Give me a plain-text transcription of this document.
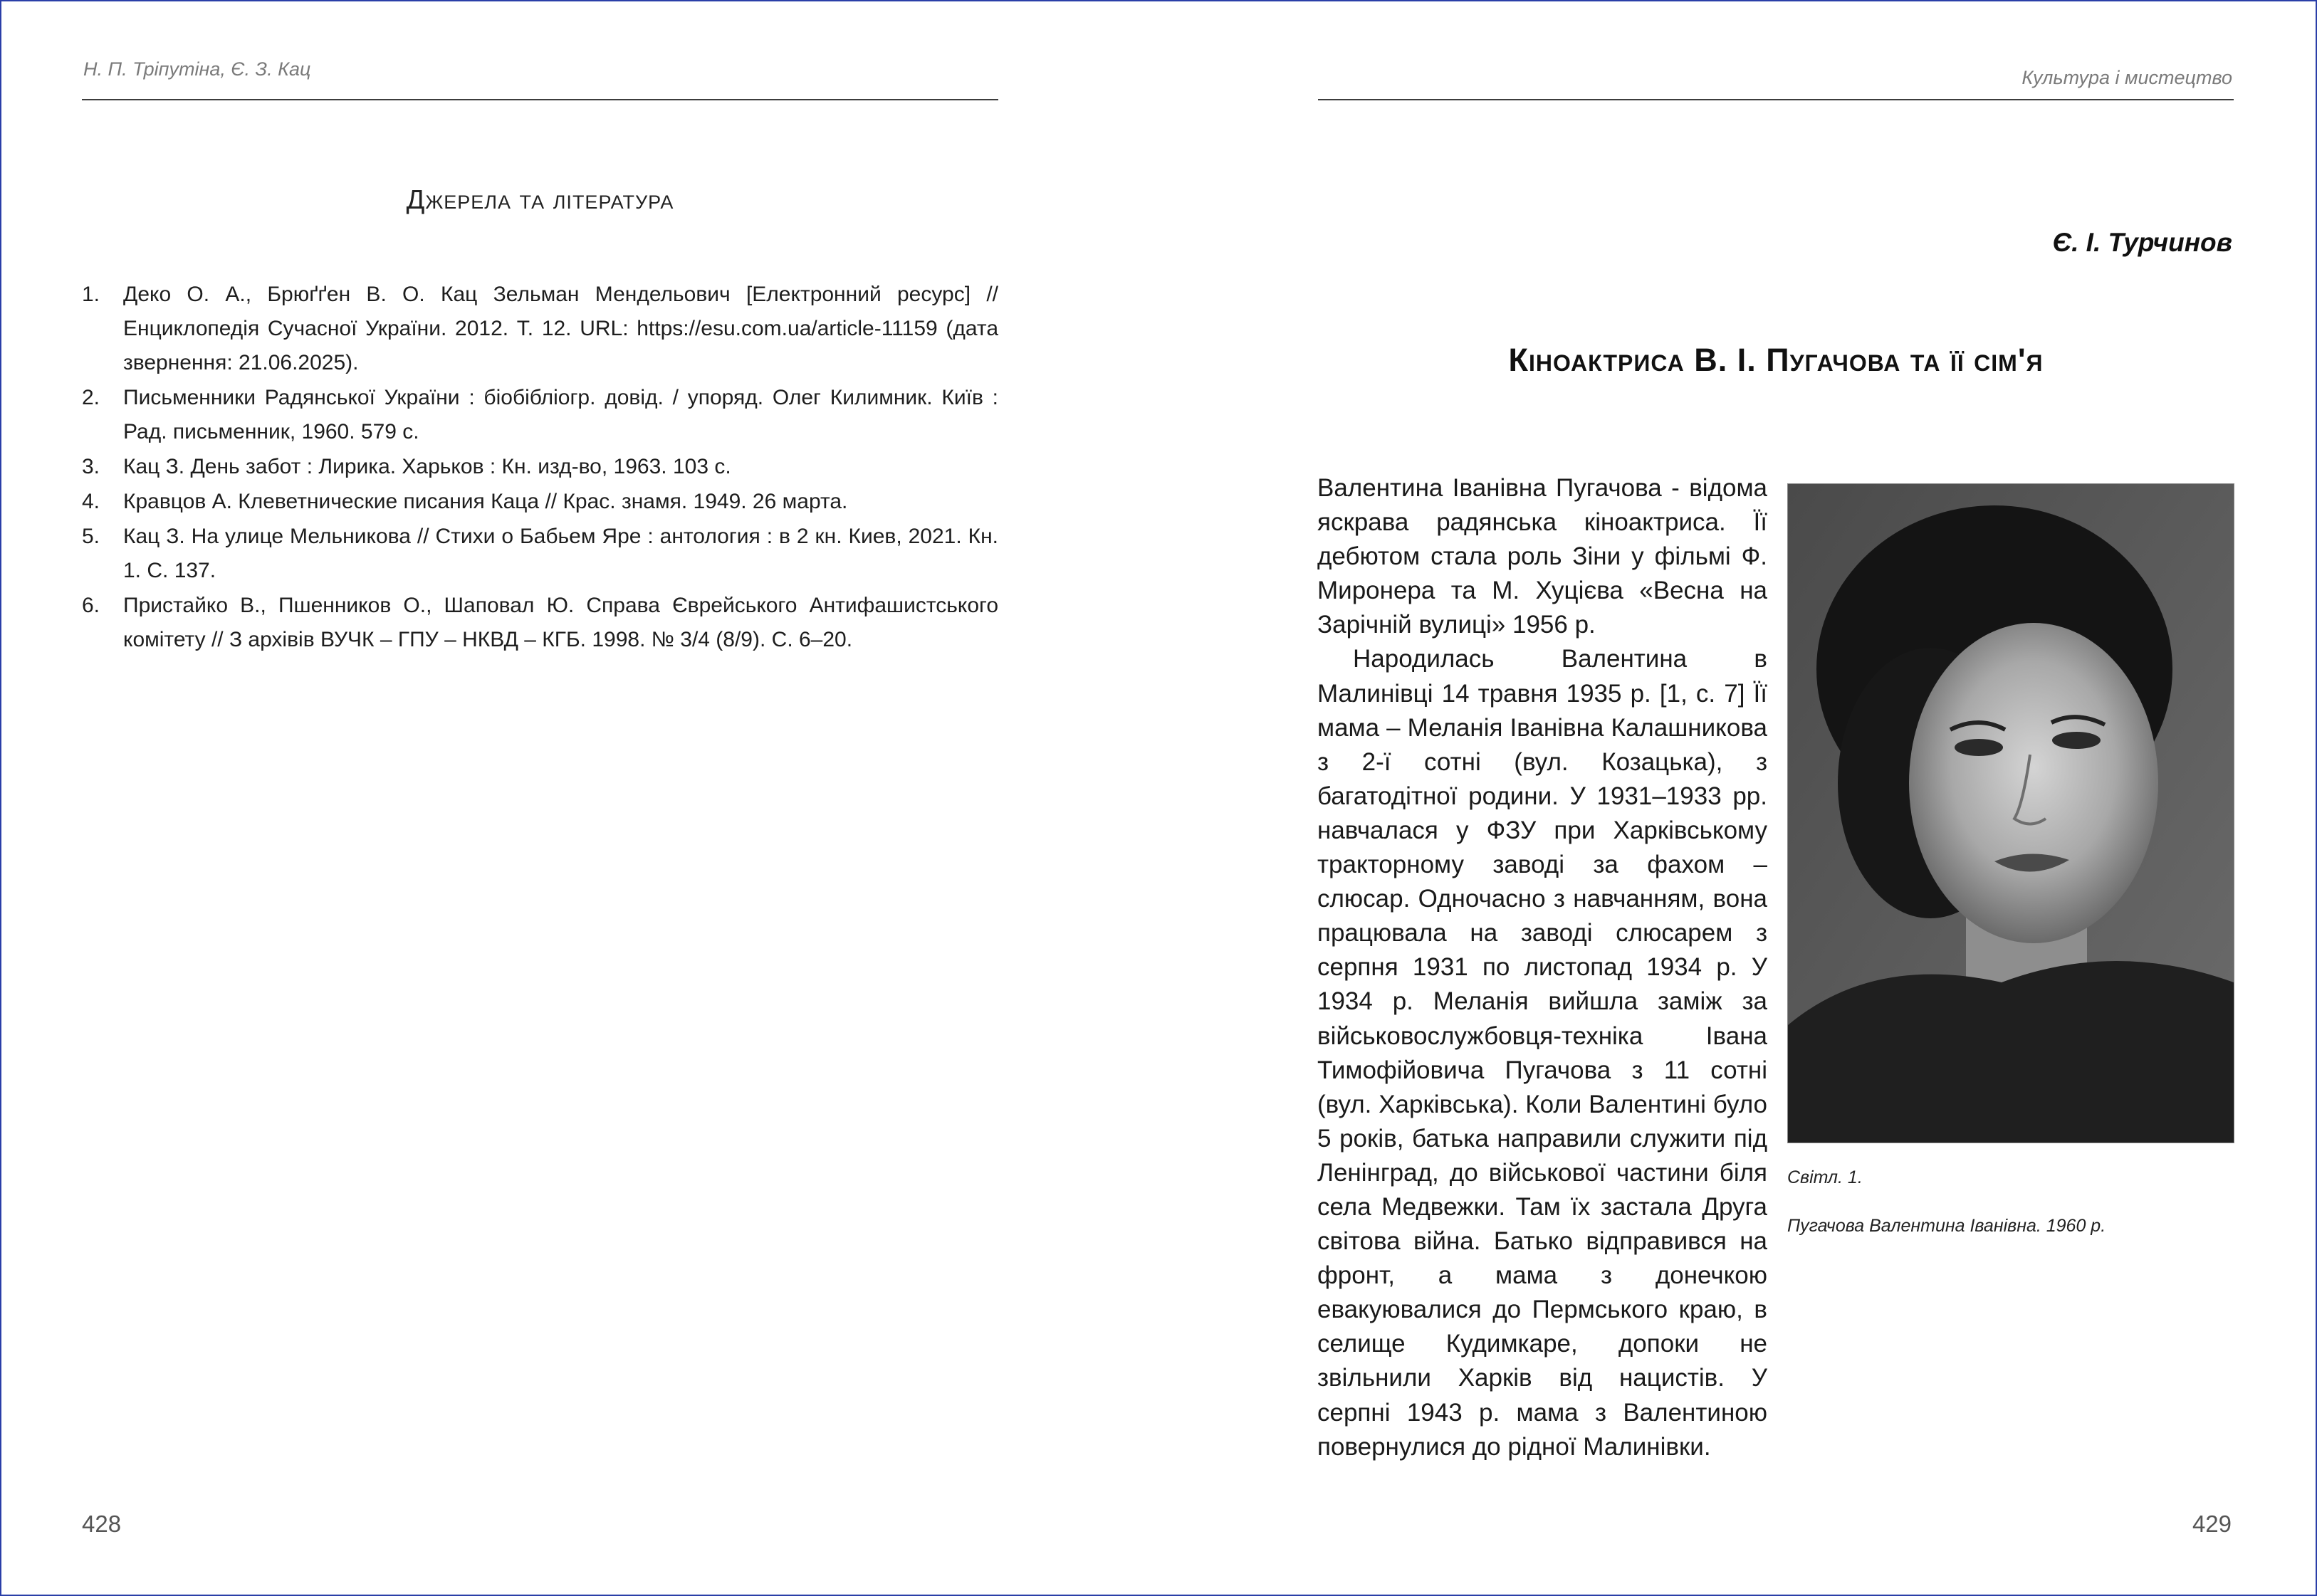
Н. П. Тріпутіна, Є. З. Кац
Джерела та література
1. Деко О. А., Брюґґен В. О. Кац Зельман Мендельович [Електронний ресурс] // Енциклопедія Сучасної України. 2012. Т. 12. URL: https://esu.com.ua/article-11159 (дата звернення: 21.06.2025).
2. Письменники Радянської України : біобібліогр. довід. / упоряд. Олег Килимник. Київ : Рад. письменник, 1960. 579 с.
3. Кац З. День забот : Лирика. Харьков : Кн. изд-во, 1963. 103 с.
4. Кравцов А. Клеветнические писания Каца // Крас. знамя. 1949. 26 марта.
5. Кац З. На улице Мельникова // Стихи о Бабьем Яре : антология : в 2 кн. Киев, 2021. Кн. 1. С. 137.
6. Пристайко В., Пшенников О., Шаповал Ю. Справа Єврейського Антифашистського комітету // З архівів ВУЧК – ГПУ – НКВД – КГБ. 1998. № 3/4 (8/9). С. 6–20.
428
Культура і мистецтво
Є. І. Турчинов
Кіноактриса В. І. Пугачова та її сім'я

Валентина Іванівна Пугачова - відома яскрава радянська кіноактриса. Її дебютом стала роль Зіни у фільмі Ф. Миронера та М. Хуцієва «Весна на Зарічній вулиці» 1956 р.

Народилась Валентина в Малинівці 14 травня 1935 р. [1, с. 7] Її мама – Меланія Іванівна Калашникова з 2-ї сотні (вул. Козацька), з багатодітної родини. У 1931–1933 рр. навчалася у ФЗУ при Харківському тракторному заводі за фахом – слюсар. Одночасно з навчанням, вона працювала на заводі слюсарем з серпня 1931 по листопад 1934 р. У 1934 р. Меланія вийшла заміж за військовослужбовця-техніка Івана Тимофійовича Пугачова з 11 сотні (вул. Харківська). Коли Валентині було 5 років, батька направили служити під Ленінград, до військової частини біля села Медвежки. Там їх застала Друга світова війна. Батько відправився на фронт, а мама з донечкою евакуювалися до Пермського краю, в селище Кудимкаре, допоки не звільнили Харків від нацистів. У серпні 1943 р. мама з Валентиною повернулися до рідної Малинівки.

Світл. 1.
Пугачова Валентина Іванівна. 1960 р.
429
